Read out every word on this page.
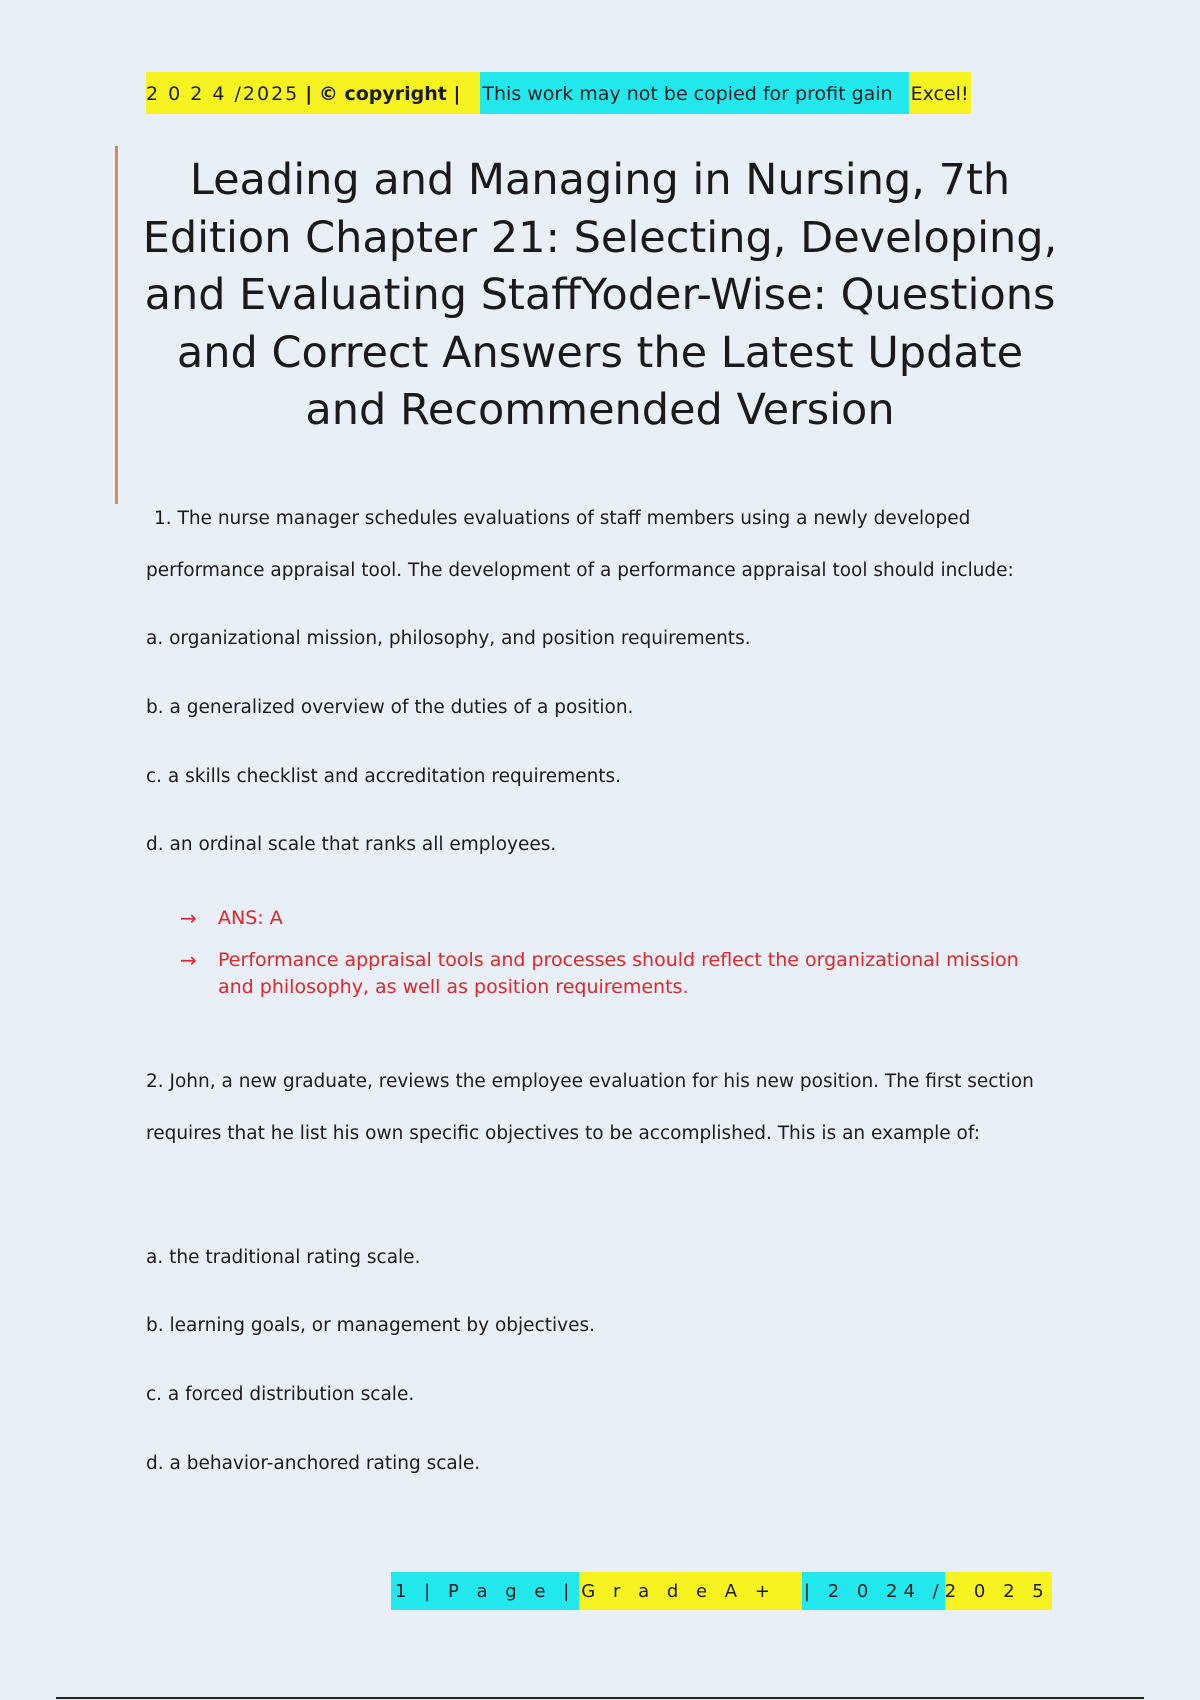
2 0 2 4 /2025 | © copyright |	This work may not be copied for profit gain Excel!
Leading and Managing in Nursing, 7th Edition Chapter 21: Selecting, Developing, and Evaluating StaffYoder-Wise: Questions and Correct Answers the Latest Update and Recommended Version
1. The nurse manager schedules evaluations of staff members using a newly developed performance appraisal tool. The development of a performance appraisal tool should include:
a. organizational mission, philosophy, and position requirements.
b. a generalized overview of the duties of a position.
c. a skills checklist and accreditation requirements.
d. an ordinal scale that ranks all employees.
→	ANS: A
→	Performance appraisal tools and processes should reflect the organizational mission and philosophy, as well as position requirements.
2. John, a new graduate, reviews the employee evaluation for his new position. The first section requires that he list his own specific objectives to be accomplished. This is an example of:
a. the traditional rating scale.
b. learning goals, or management by objectives.
c. a forced distribution scale.
d. a behavior-anchored rating scale.
1 | P a g e | G r a d e A +	| 2 0 24 / 2 0 2 5
